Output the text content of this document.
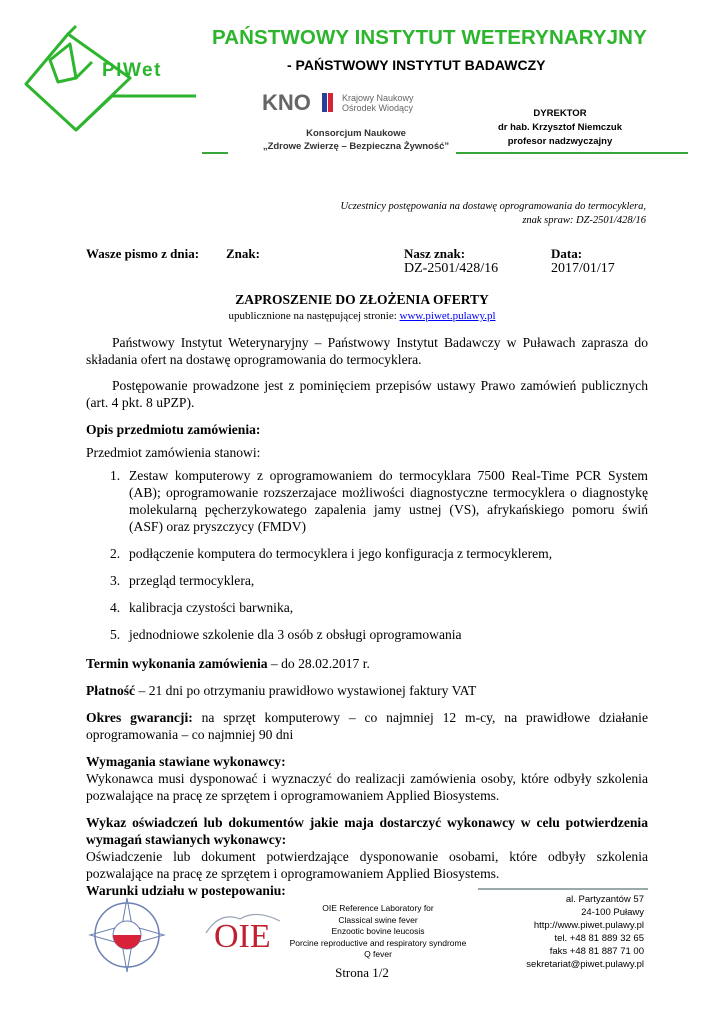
PIWet
PAŃSTWOWY INSTYTUT WETERYNARYJNY
- PAŃSTWOWY INSTYTUT BADAWCZY
KNO	Krajowy Naukowy
Ośrodek Wiodący
Konsorcjum Naukowe
„Zdrowe Zwierzę – Bezpieczna Żywność”
DYREKTOR
dr hab. Krzysztof Niemczuk
profesor nadzwyczajny
Uczestnicy postępowania na dostawę oprogramowania do termocyklera,
znak spraw: DZ-2501/428/16
Wasze pismo z dnia: Znak:	Nasz znak:
DZ-2501/428/16
Data:
2017/01/17
ZAPROSZENIE DO ZŁOŻENIA OFERTY
upublicznione na następującej stronie: www.piwet.pulawy.pl

Państwowy Instytut Weterynaryjny – Państwowy Instytut Badawczy w Puławach zaprasza do składania ofert na dostawę oprogramowania do termocyklera.

Postępowanie prowadzone jest z pominięciem przepisów ustawy Prawo zamówień publicznych (art. 4 pkt. 8 uPZP).

Opis przedmiotu zamówienia:

Przedmiot zamówienia stanowi:

1. Zestaw komputerowy z oprogramowaniem do termocyklara 7500 Real-Time PCR System (AB); oprogramowanie rozszerzajace możliwości diagnostyczne termocyklera o diagnostykę molekularną pęcherzykowatego zapalenia jamy ustnej (VS), afrykańskiego pomoru świń (ASF) oraz pryszczycy (FMDV)
2. podłączenie komputera do termocyklera i jego konfiguracja z termocyklerem,
3. przegląd termocyklera,
4. kalibracja czystości barwnika,
5. jednodniowe szkolenie dla 3 osób z obsługi oprogramowania

Termin wykonania zamówienia – do 28.02.2017 r.

Płatność – 21 dni po otrzymaniu prawidłowo wystawionej faktury VAT

Okres gwarancji: na sprzęt komputerowy – co najmniej 12 m-cy, na prawidłowe działanie oprogramowania – co najmniej 90 dni

Wymagania stawiane wykonawcy:

Wykonawca musi dysponować i wyznaczyć do realizacji zamówienia osoby, które odbyły szkolenia pozwalające na pracę ze sprzętem i oprogramowaniem Applied Biosystems.

Wykaz oświadczeń lub dokumentów jakie maja dostarczyć wykonawcy w celu potwierdzenia wymagań stawianych wykonawcy:

Oświadczenie lub dokument potwierdzające dysponowanie osobami, które odbyły szkolenia pozwalające na pracę ze sprzętem i oprogramowaniem Applied Biosystems.

Warunki udziału w postepowaniu:

OIE
OIE Reference Laboratory for
Classical swine fever
Enzootic bovine leucosis
Porcine reproductive and respiratory syndrome
Q fever
al. Partyzantów 57
24-100 Puławy
http://www.piwet.pulawy.pl
tel. +48 81 889 32 65
faks +48 81 887 71 00
sekretariat@piwet.pulawy.pl
Strona 1/2
